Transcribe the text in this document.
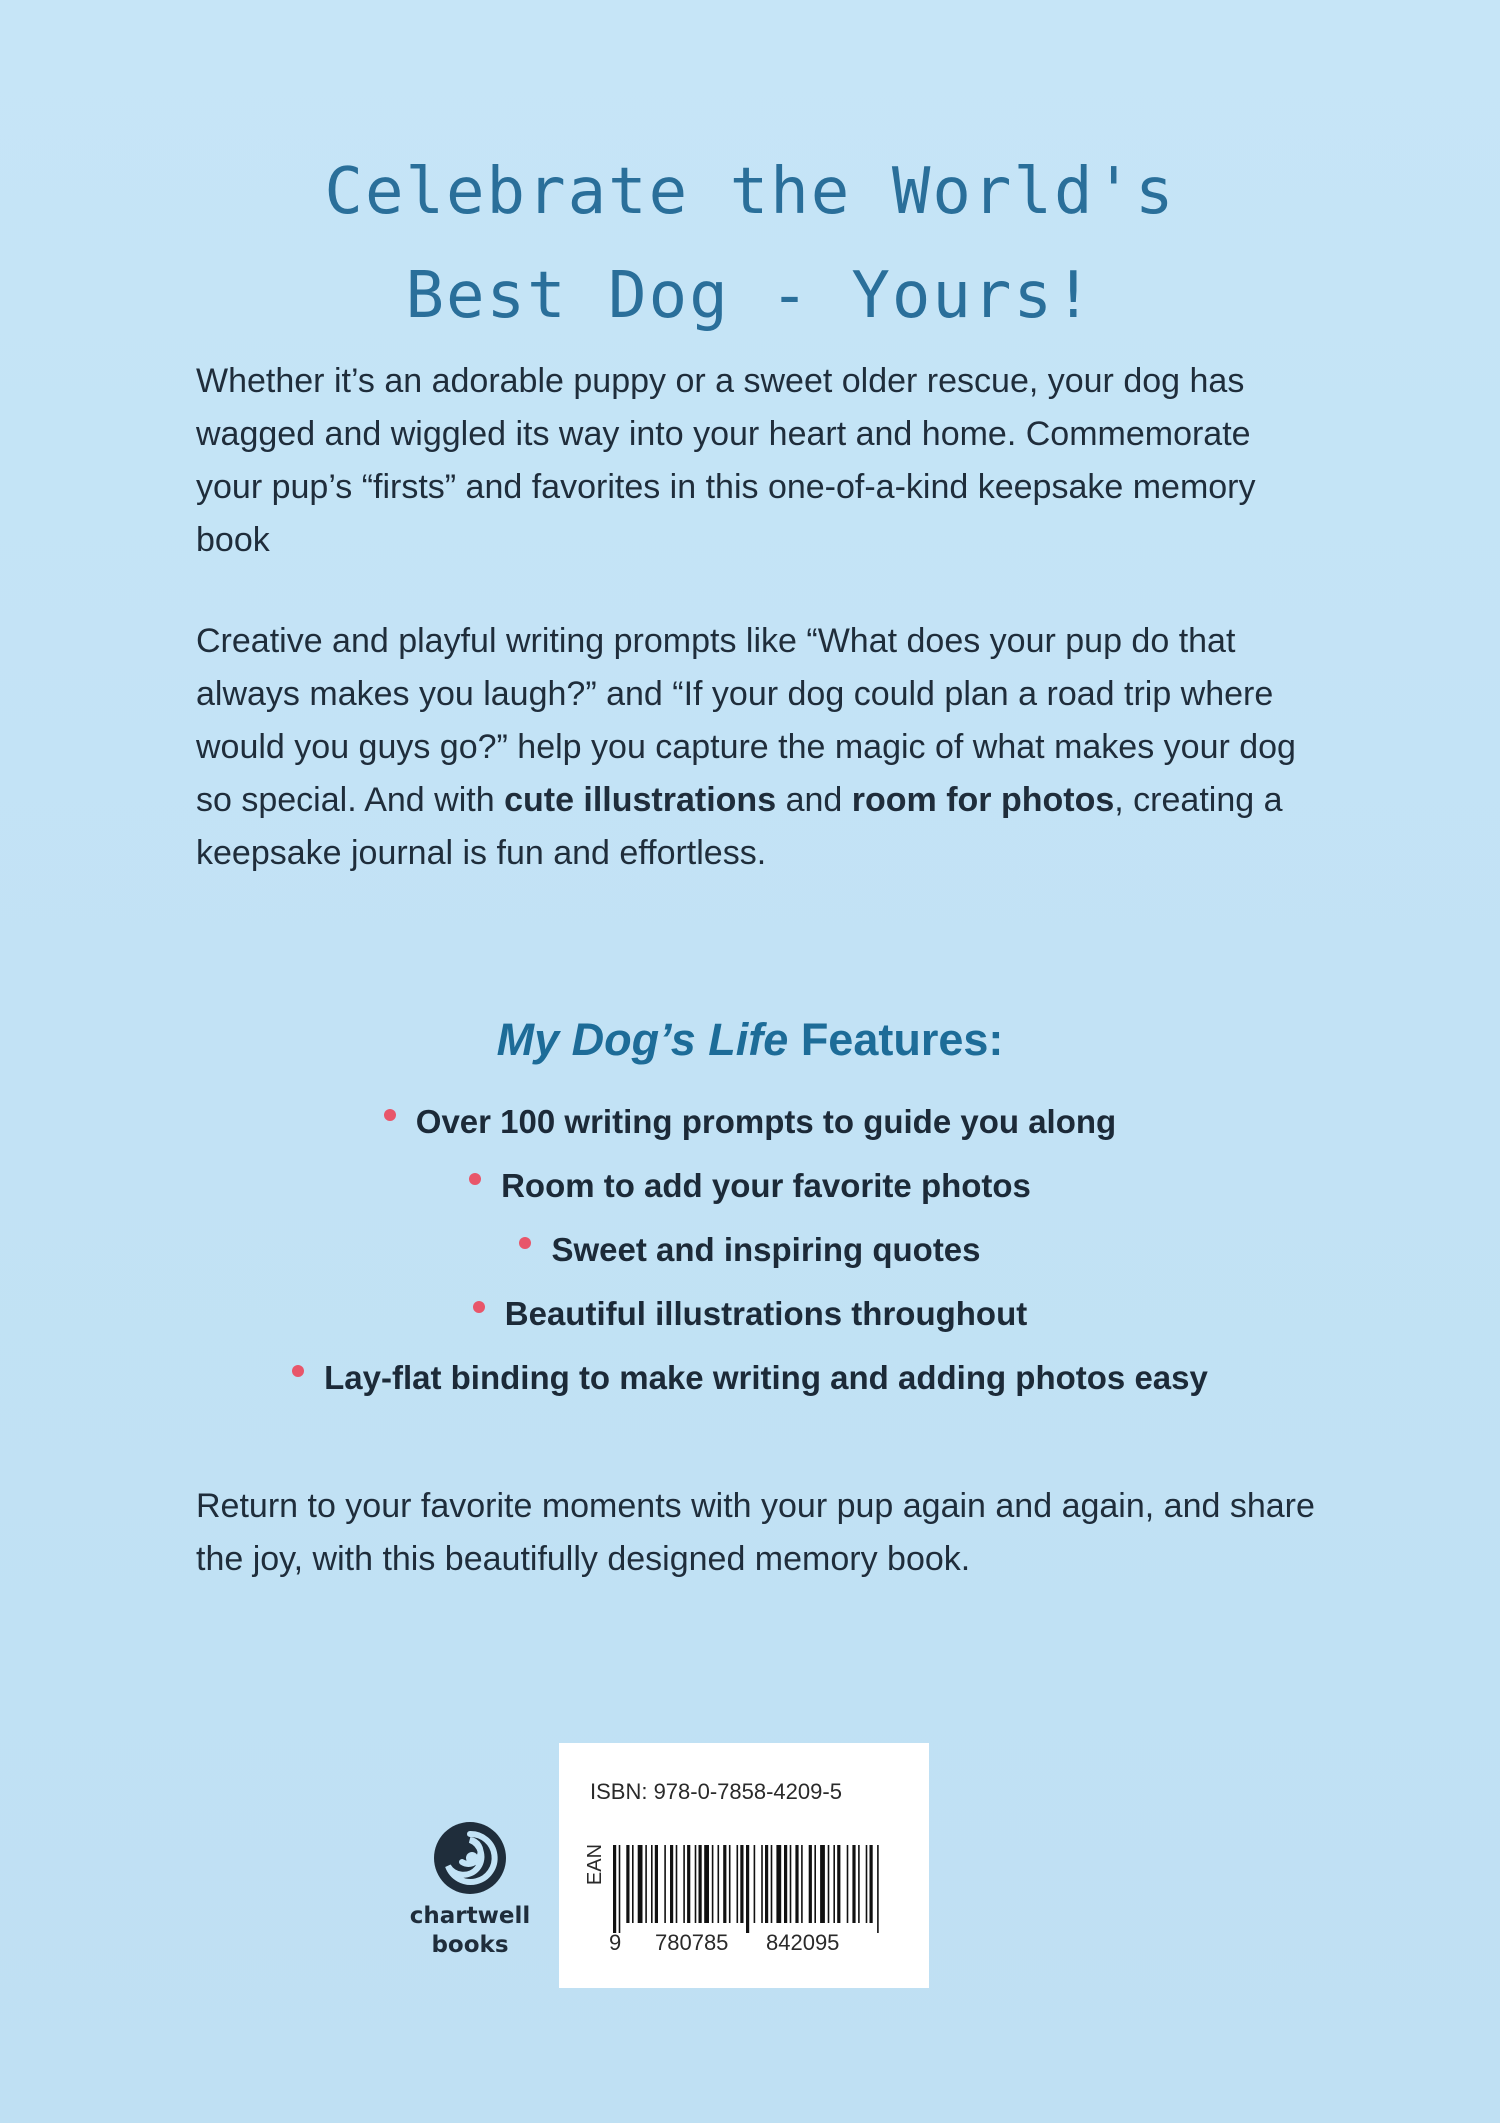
Celebrate the World's
Best Dog - Yours!
Whether it’s an adorable puppy or a sweet older rescue, your dog has wagged and wiggled its way into your heart and home. Commemorate your pup’s “firsts” and favorites in this one-of-a-kind keepsake memory book
Creative and playful writing prompts like “What does your pup do that always makes you laugh?” and “If your dog could plan a road trip where would you guys go?” help you capture the magic of what makes your dog so special. And with cute illustrations and room for photos, creating a keepsake journal is fun and effortless.
My Dog’s Life Features:
Over 100 writing prompts to guide you along
Room to add your favorite photos
Sweet and inspiring quotes
Beautiful illustrations throughout
Lay-flat binding to make writing and adding photos easy
Return to your favorite moments with your pup again and again, and share the joy, with this beautifully designed memory book.
chartwell
books
ISBN: 978-0-7858-4209-5
EAN
9 780785 842095
